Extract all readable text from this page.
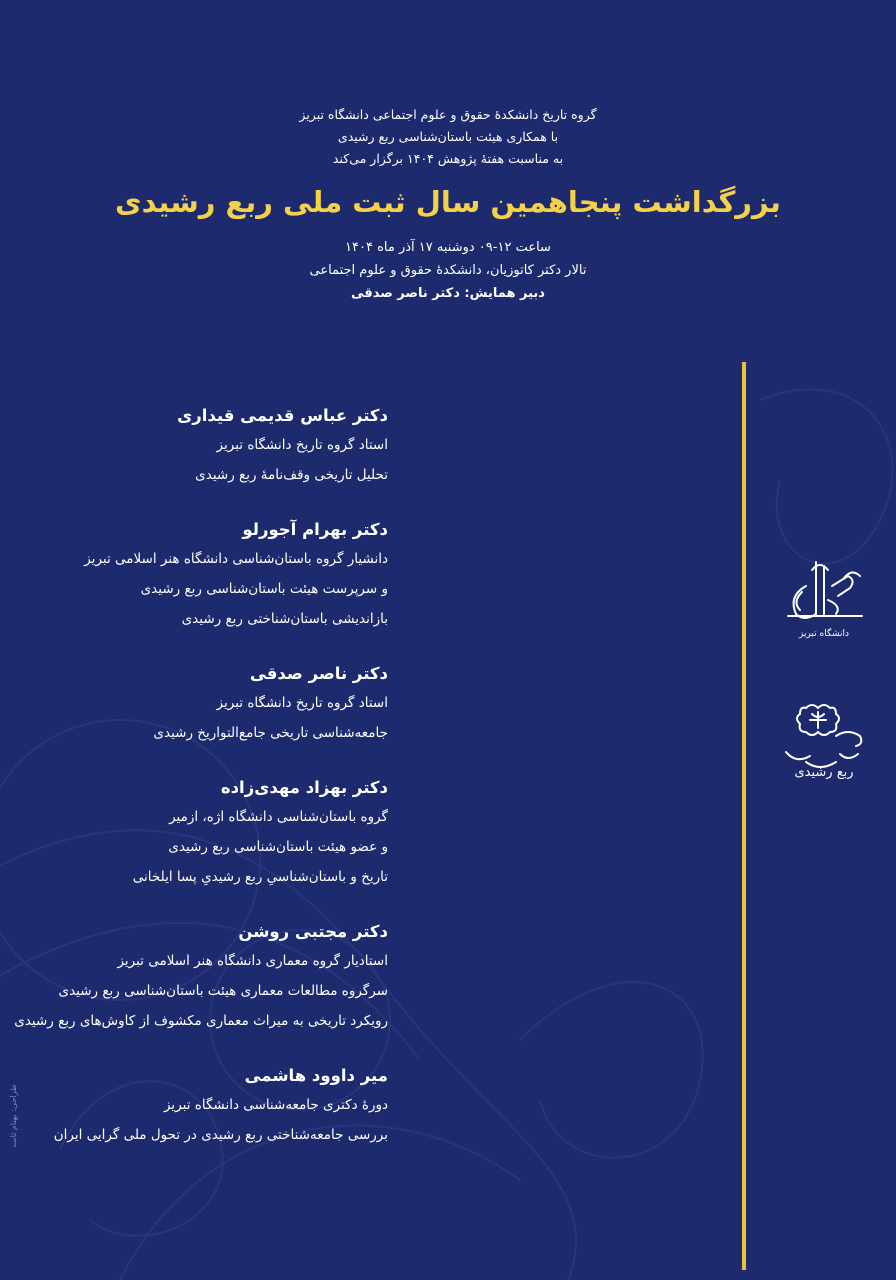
گروه تاریخ دانشکدهٔ حقوق و علوم اجتماعی دانشگاه تبریز
با همکاری هیئت باستان‌شناسی ربع رشیدی
به مناسبت هفتهٔ پژوهش ۱۴۰۴ برگزار می‌کند
بزرگداشت پنجاهمین سال ثبت ملی ربع رشیدی
ساعت ۱۲-۰۹ دوشنبه ۱۷ آذر ماه ۱۴۰۴
تالار دکتر کاتوزیان، دانشکدهٔ حقوق و علوم اجتماعی
دبیر همایش: دکتر ناصر صدقی
دکتر عباس قدیمی قیداری
استاد گروه تاریخ دانشگاه تبریز
تحلیل تاریخی وقف‌نامهٔ ربع رشیدی
دکتر بهرام آجورلو
دانشیار گروه باستان‌شناسی دانشگاه هنر اسلامی تبریز
و سرپرست هیئت باستان‌شناسی ربع رشیدی
بازاندیشی باستان‌شناختی ربع رشیدی
دکتر ناصر صدقی
استاد گروه تاریخ دانشگاه تبریز
جامعه‌شناسی تاریخی جامع‌التواریخ رشیدی
دکتر بهزاد مهدی‌زاده
گروه باستان‌شناسی دانشگاه اژه، ازمیر
و عضو هیئت باستان‌شناسی ربع رشیدی
تاریخ و باستان‌شناسیِ ربع رشیدیِ پسا ایلخانی
دکتر مجتبی روشن
استادیار گروه معماری دانشگاه هنر اسلامی تبریز
سرگروه مطالعات معماری هیئت باستان‌شناسی ربع رشیدی
رویکرد تاریخی به میراث معماری مکشوف از کاوش‌های ربع رشیدی
میر داوود هاشمی
دورهٔ دکتری جامعه‌شناسی دانشگاه تبریز
بررسی جامعه‌شناختی ربع رشیدی در تحول ملی گرایی ایران
دانشگاه تبریز
ربع رشیدی
طراحی: بهنام ثابت
